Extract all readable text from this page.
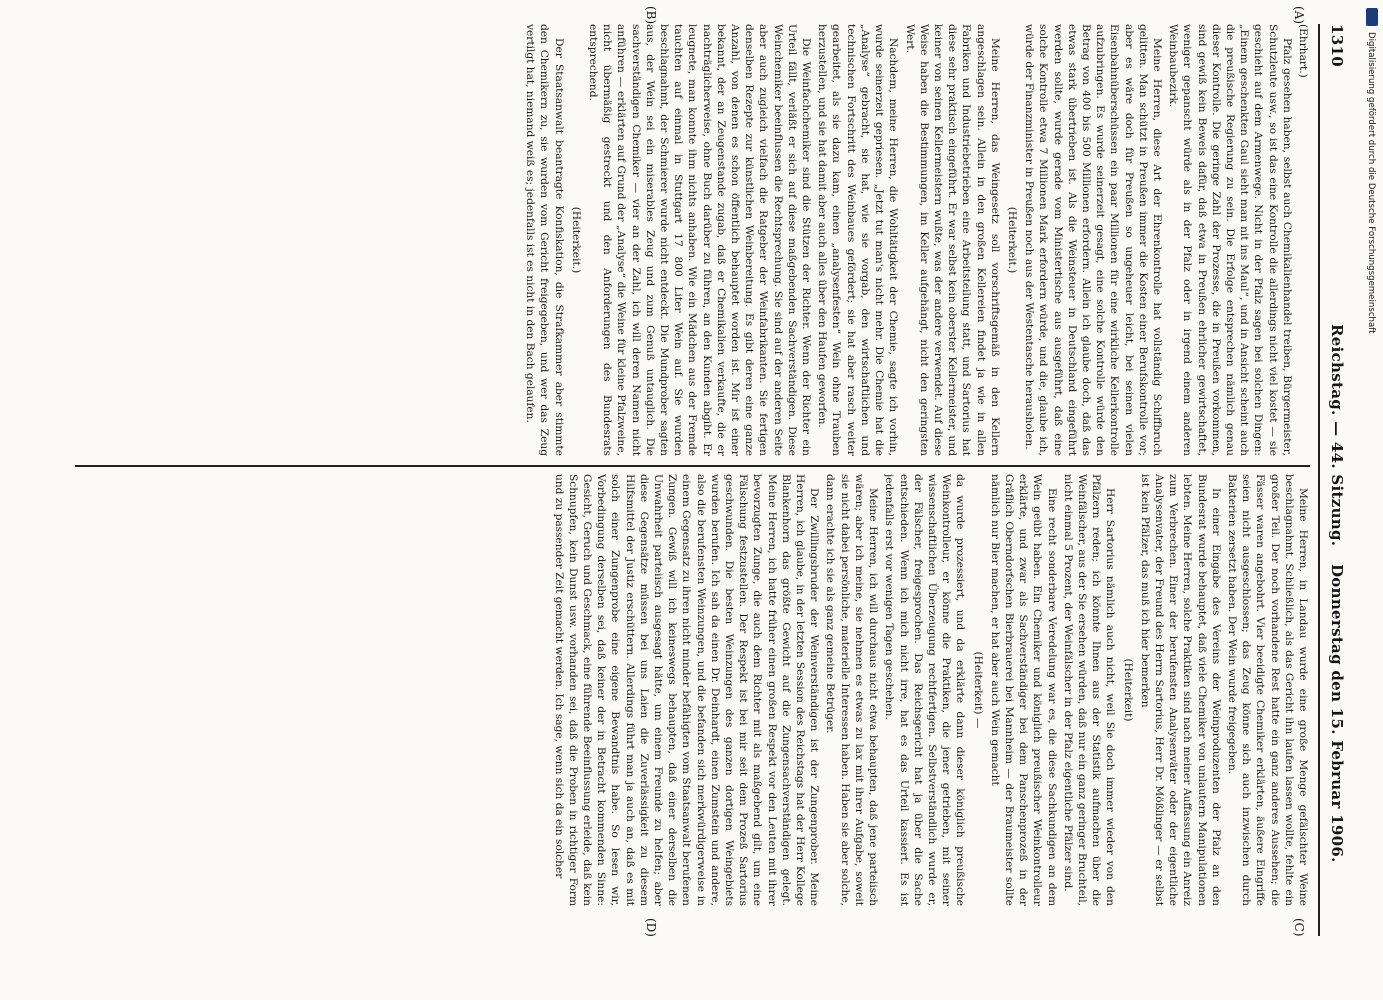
1310
Reichstag. — 44. Sitzung.
Donnerstag den 15. Februar 1906.

(Ehrhart.)

Pfalz gesehen haben, selbst auch Chemikalienhandel treiben, Bürgermeister, Schutzleute usw., so ist das eine Kontrolle die allerdings nicht viel kostet — sie geschieht auf dem Armenwege. Nicht in der Pfalz sagen bei solchen Dingen: „Einem geschenkten Gaul sieht man nit ins Maul“, und in Ansicht scheint auch die preußische Regierung zu sein. Die Erfolge entsprechen nämlich genau dieser Kontrolle. Die geringe Zahl der Prozesse, die in Preußen vorkommen, sind gewiß kein Beweis dafür, daß etwa in Preußen ehrlicher gewirtschaftet, weniger gepanscht würde als in der Pfalz oder in irgend einem anderen Weinbaubezirk.

Meine Herren, diese Art der Ehrenkontrolle hat vollständig Schiffbruch gelitten. Man schützt in Preußen immer die Kosten einer Berufskontrolle vor; aber es wäre doch für Preußen so ungeheuer leicht, bei seinen vielen Eisenbahnüberschüssen ein paar Millionen für eine wirkliche Kellerkontrolle aufzubringen. Es wurde seinerzeit gesagt, eine solche Kontrolle würde den Betrag von 400 bis 500 Millionen erfordern. Allein ich glaube doch, daß das etwas stark übertrieben ist. Als die Weinsteuer in Deutschland eingeführt werden sollte, wurde gerade vom Ministertische aus ausgeführt, daß eine solche Kontrolle etwa 7 Millionen Mark erfordern würde, und die, glaube ich, würde der Finanzminister in Preußen noch aus der Westentasche herausholen.

(Heiterkeit.)

Meine Herren, das Weingesetz soll vorschriftsgemäß in den Kellern angeschlagen sein. Allein in den großen Kellereien findet ja wie in allen Fabriken und Industriebetrieben eine Arbeitsteilung statt, und Sartorius hat diese sehr praktisch eingeführt. Er war selbst kein oberster Kellermeister, und keiner von seinen Kellermeistern wußte, was der andere verwendet. Auf diese Weise haben die Bestimmungen, im Keller aufgehängt, nicht den geringsten Wert.

Nachdem, meine Herren, die Wohltätigkeit der Chemie, sagte ich vorhin, wurde seinerzeit gepriesen. „Jetzt tut man's nicht mehr. Die Chemie hat die „Analyse“ gebracht, sie hat, wie sie vorgab, den wirtschaftlichen und technischen Fortschritt des Weinbaues gefördert; sie hat aber rasch weiter gearbeitet, als sie dazu kam, einen „analysenfesten“ Wein ohne Trauben herzustellen, und sie hat damit aber auch alles über den Haufen geworfen.

Die Weinfachchemiker sind die Stützen der Richter. Wenn der Richter ein Urteil fällt, verläßt er sich auf diese maßgebenden Sachverständigen. Diese Weinchemiker beeinflussen die Rechtsprechung. Sie sind auf der anderen Seite aber auch zugleich vielfach die Ratgeber der Weinfabrikanten. Sie fertigen denselben Rezepte zur künstlichen Weinbereitung. Es gibt deren eine ganze Anzahl, von denen es schon öffentlich behauptet worden ist. Mir ist einer bekannt, der an Zeugenstande zugab, daß er Chemikalien verkaufte, die er nachträglicherweise, ohne Buch darüber zu führen, an den Kunden abgibt. Er leugnete, man konnte ihm nichts anhaben. Wie ein Mädchen aus der Fremde tauchten auf einmal in Stuttgart 17 800 Liter Wein auf. Sie wurden beschlagnahmt, der Schmierer wurde nicht entdeckt. Die Mundprober sagten aus, der Wein sei ein miserables Zeug und zum Genuß untauglich. Die sachverständigen Chemiker — vier an der Zahl, ich will deren Namen nicht anführen — erklärten auf Grund der „Analyse“ die Weine für kleine Pfalzweine, nicht übermäßig gestreckt und den Anforderungen des Bundesrats entsprechend.

(Heiterkeit.)

Der Staatsanwalt beantragte Konfiskation, die Strafkammer aber stimmte den Chemikern zu, sie wurden vom Gericht freigegeben, und wer das Zeug vertilgt hat, niemand weiß es; jedenfalls ist es nicht in den Bach gelaufen.

Meine Herren, in Landau wurde eine große Menge gefälschter Weine beschlagnahmt. Schließlich, als das Gericht ihn laufen lassen wollte, fehlte ein großer Teil. Der noch vorhandene Rest hatte ein ganz anderes Aussehen; die Fässer waren angebohrt. Vier beeidigte Chemiker erklärten, äußere Eingriffe seien nicht ausgeschlossen; das Zeug könne sich auch inzwischen durch Bakterien zersetzt haben. Der Wein wurde freigegeben.

In einer Eingabe des Vereins der Weinproduzenten der Pfalz an den Bundesrat wurde behauptet, daß viele Chemiker von unlautern Manipulationen lebten. Meine Herren, solche Praktiken sind nach meiner Auffassung ein Anreiz zum Verbrechen. Einer der berufensten Analysenväter oder der eigentliche Analysenvater, der Freund des Herrn Sartorius, Herr Dr. Mößlinger — er selbst ist kein Pfälzer, das muß ich hier bemerken

(Heiterkeit)

Herr Sartorius nämlich auch nicht, weil Sie doch immer wieder von den Pfälzern reden; ich könnte Ihnen aus der Statistik aufmachen über die Weinfälscher, aus der Sie ersehen würden, daß nur ein ganz geringer Bruchteil, nicht einmal 5 Prozent, der Weinfälscher in der Pfalz eigentliche Pfälzer sind.

Eine recht sonderbare Veredelung war es, die diese Sachkundigen an dem Wein geübt haben. Ein Chemiker und königlich preußischer Weinkontrolleur erklärte, und zwar als Sachverständiger bei dem Panschenprozeß in der Gräflich Oberndorfschen Bierbrauerei bei Mannheim — der Braumeister sollte nämlich nur Bier machen, er hat aber auch Wein gemacht

(Heiterkeit) —

da wurde prozessiert, und da erklärte dann dieser königlich preußische Weinkontrolleur, er könne die Praktiken, die jener getrieben, mit seiner wissenschaftlichen Überzeugung rechtfertigen. Selbstverständlich wurde er, der Fälscher, freigesprochen. Das Reichsgericht hat ja über die Sache entschieden. Wenn ich mich nicht irre, hat es das Urteil kassiert. Es ist jedenfalls erst vor wenigen Tagen geschehen.

Meine Herren, ich will durchaus nicht etwa behaupten, daß jene parteiisch wären; aber ich meine, sie nehmen es etwas zu lax mit ihrer Aufgabe, soweit sie nicht dabei persönliche, materielle Interessen haben. Haben sie aber solche, dann erachte ich sie als ganz gemeine Betrüger.

Der Zwillingsbruder der Weinverständigen ist der Zungenprober. Meine Herren, ich glaube, in der letzten Session des Reichstags hat der Herr Kollege Blankenhorn das größte Gewicht auf die Zungensachverständigen gelegt. Meine Herren, ich hatte früher einen großen Respekt vor den Leuten mit ihrer bevorzugten Zunge, die auch dem Richter mit als maßgebend gilt, um eine Fälschung festzustellen. Der Respekt ist bei mir seit dem Prozeß Sartorius geschwunden. Die besten Weinzungen des ganzen dortigen Weingebiets wurden berufen. Ich sah da einen Dr. Deinhardt, einen Zumstein und andere, also die berufensten Weinzungen, und die befanden sich merkwürdigerweise in einem Gegensatz zu ihren nicht minder befähigten vom Staatsanwalt berufenen Zungen. Gewiß will ich keineswegs behaupten, daß einer derselben die Unwahrheit parteiisch ausgesagt hätte, um einem Freunde zu helfen; aber diese Gegensätze müssen bei uns Laien die Zuverlässigkeit zu diesem Hilfsmittel der Justiz erschüttern. Allerdings führt man ja auch an, daß es mit solch einer Zungenprobe eine eigene Bewandtnis habe. So lesen wir, Vorbedingung derselben sei, daß keiner der in Betracht kommenden Sinne: Gesicht, Geruch und Geschmack, eine führende Beeinflussung erleide, daß kein Schnupfen, kein Dunst usw. vorhanden sei, daß die Proben in richtiger Form und zu passender Zeit gemacht werden. Ich sage, wenn sich da ein solcher

(A)
(B)
(C)
(D)
Digitalisierung gefördert durch die Deutsche Forschungsgemeinschaft
